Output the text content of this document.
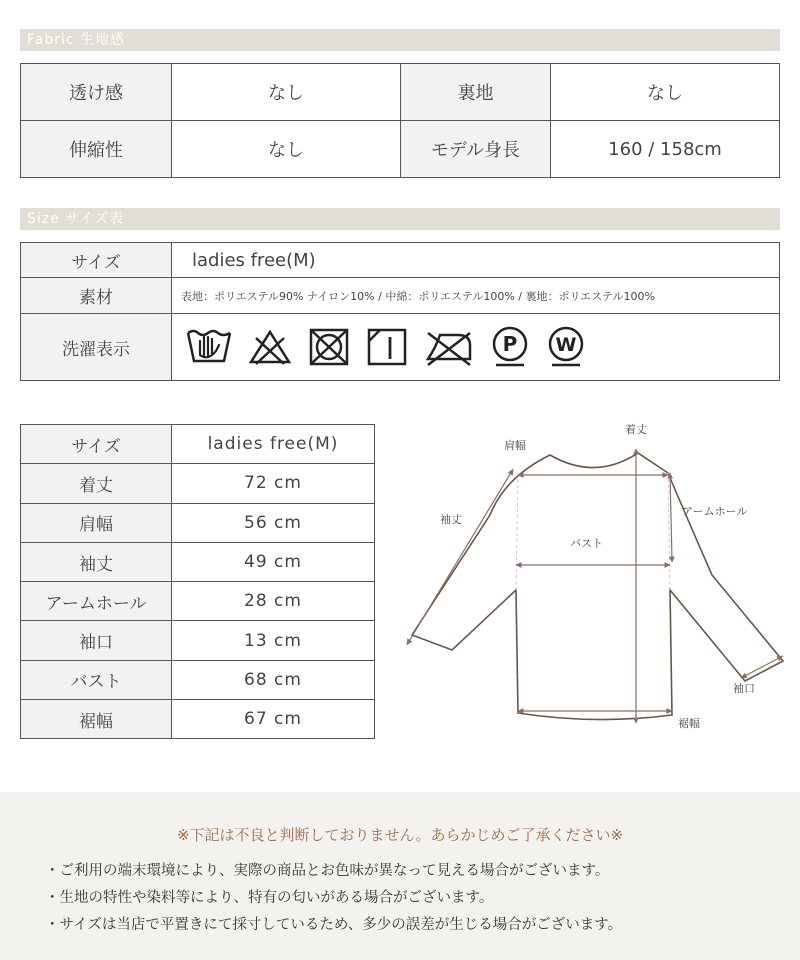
Fabric 生地感
透け感	なし	裏地	なし
伸縮性	なし	モデル身長	160 / 158cm
Size サイズ表
サイズ	ladies free(M)
素材	表地：ポリエステル90% ナイロン10% / 中綿：ポリエステル100% / 裏地：ポリエステル100%
洗濯表示	P W
サイズ	ladies free(M)
着丈	72 cm
肩幅	56 cm
袖丈	49 cm
アームホール	28 cm
袖口	13 cm
バスト	68 cm
裾幅	67 cm
着丈
肩幅
袖丈
アームホール
バスト
袖口
裾幅
※下記は不良と判断しておりません。あらかじめご了承ください※
・ご利用の端末環境により、実際の商品とお色味が異なって見える場合がございます。
・生地の特性や染料等により、特有の匂いがある場合がございます。
・サイズは当店で平置きにて採寸しているため、多少の誤差が生じる場合がございます。
